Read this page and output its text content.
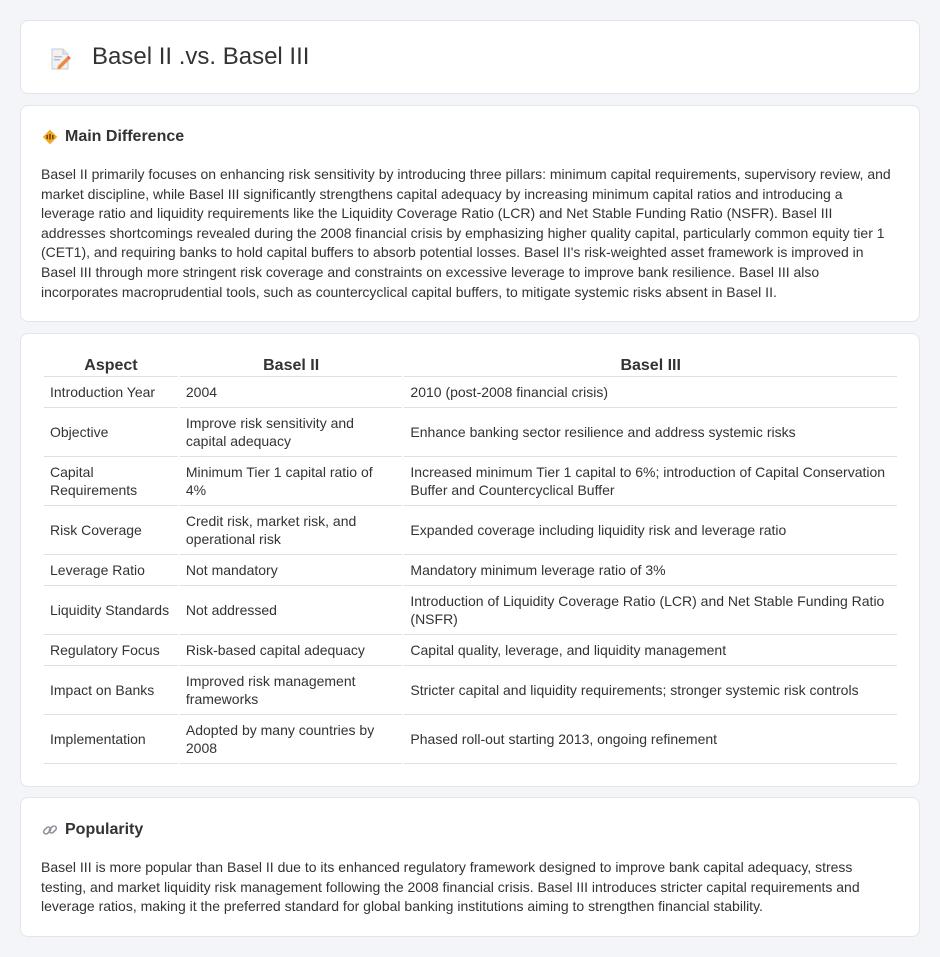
Basel II .vs. Basel III
Main Difference

Basel II primarily focuses on enhancing risk sensitivity by introducing three pillars: minimum capital requirements, supervisory review, and market discipline, while Basel III significantly strengthens capital adequacy by increasing minimum capital ratios and introducing a leverage ratio and liquidity requirements like the Liquidity Coverage Ratio (LCR) and Net Stable Funding Ratio (NSFR). Basel III addresses shortcomings revealed during the 2008 financial crisis by emphasizing higher quality capital, particularly common equity tier 1 (CET1), and requiring banks to hold capital buffers to absorb potential losses. Basel II's risk-weighted asset framework is improved in Basel III through more stringent risk coverage and constraints on excessive leverage to improve bank resilience. Basel III also incorporates macroprudential tools, such as countercyclical capital buffers, to mitigate systemic risks absent in Basel II.

Aspect	Basel II	Basel III
Introduction Year	2004	2010 (post-2008 financial crisis)
Objective	Improve risk sensitivity and capital adequacy	Enhance banking sector resilience and address systemic risks
Capital Requirements	Minimum Tier 1 capital ratio of 4%	Increased minimum Tier 1 capital to 6%; introduction of Capital Conservation Buffer and Countercyclical Buffer
Risk Coverage	Credit risk, market risk, and operational risk	Expanded coverage including liquidity risk and leverage ratio
Leverage Ratio	Not mandatory	Mandatory minimum leverage ratio of 3%
Liquidity Standards	Not addressed	Introduction of Liquidity Coverage Ratio (LCR) and Net Stable Funding Ratio (NSFR)
Regulatory Focus	Risk-based capital adequacy	Capital quality, leverage, and liquidity management
Impact on Banks	Improved risk management frameworks	Stricter capital and liquidity requirements; stronger systemic risk controls
Implementation	Adopted by many countries by 2008	Phased roll-out starting 2013, ongoing refinement
Popularity

Basel III is more popular than Basel II due to its enhanced regulatory framework designed to improve bank capital adequacy, stress testing, and market liquidity risk management following the 2008 financial crisis. Basel III introduces stricter capital requirements and leverage ratios, making it the preferred standard for global banking institutions aiming to strengthen financial stability.
